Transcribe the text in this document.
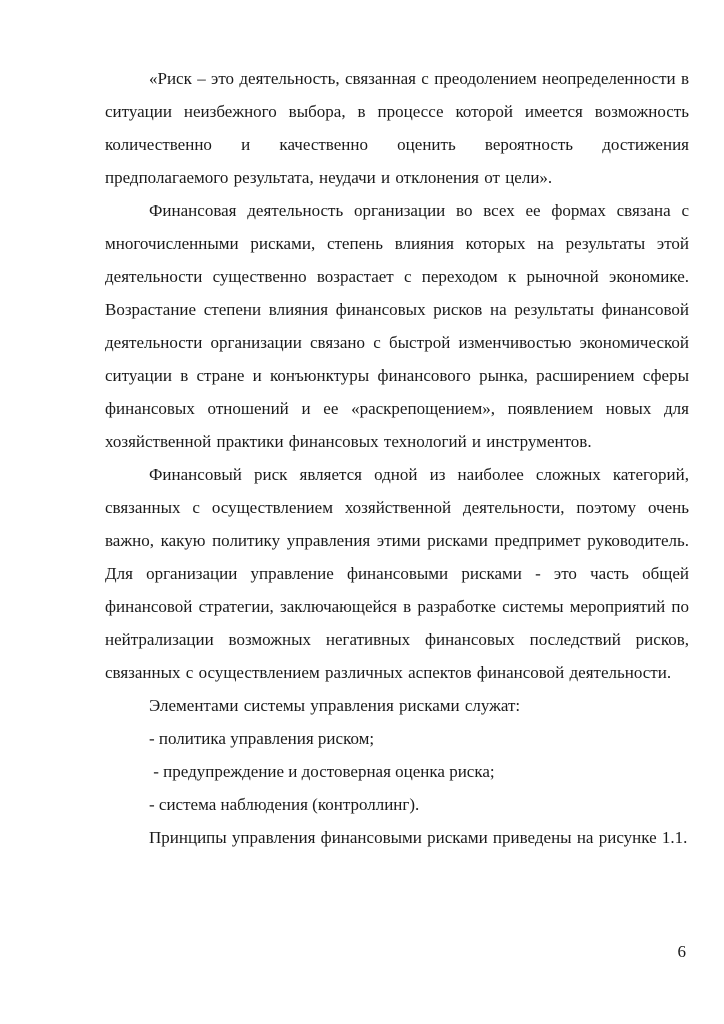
«Риск – это деятельность, связанная с преодолением неопределенности в ситуации неизбежного выбора, в процессе которой имеется возможность количественно и качественно оценить вероятность достижения предполагаемого результата, неудачи и отклонения от цели».

Финансовая деятельность организации во всех ее формах связана с многочисленными рисками, степень влияния которых на результаты этой деятельности существенно возрастает с переходом к рыночной экономике. Возрастание степени влияния финансовых рисков на результаты финансовой деятельности организации связано с быстрой изменчивостью экономической ситуации в стране и конъюнктуры финансового рынка, расширением сферы финансовых отношений и ее «раскрепощением», появлением новых для хозяйственной практики финансовых технологий и инструментов.

Финансовый риск является одной из наиболее сложных категорий, связанных с осуществлением хозяйственной деятельности, поэтому очень важно, какую политику управления этими рисками предпримет руководитель. Для организации управление финансовыми рисками - это часть общей финансовой стратегии, заключающейся в разработке системы мероприятий по нейтрализации возможных негативных финансовых последствий рисков, связанных с осуществлением различных аспектов финансовой деятельности.

Элементами системы управления рисками служат:

- политика управления риском;

- предупреждение и достоверная оценка риска;

- система наблюдения (контроллинг).

Принципы управления финансовыми рисками приведены на рисунке 1.1.

6
